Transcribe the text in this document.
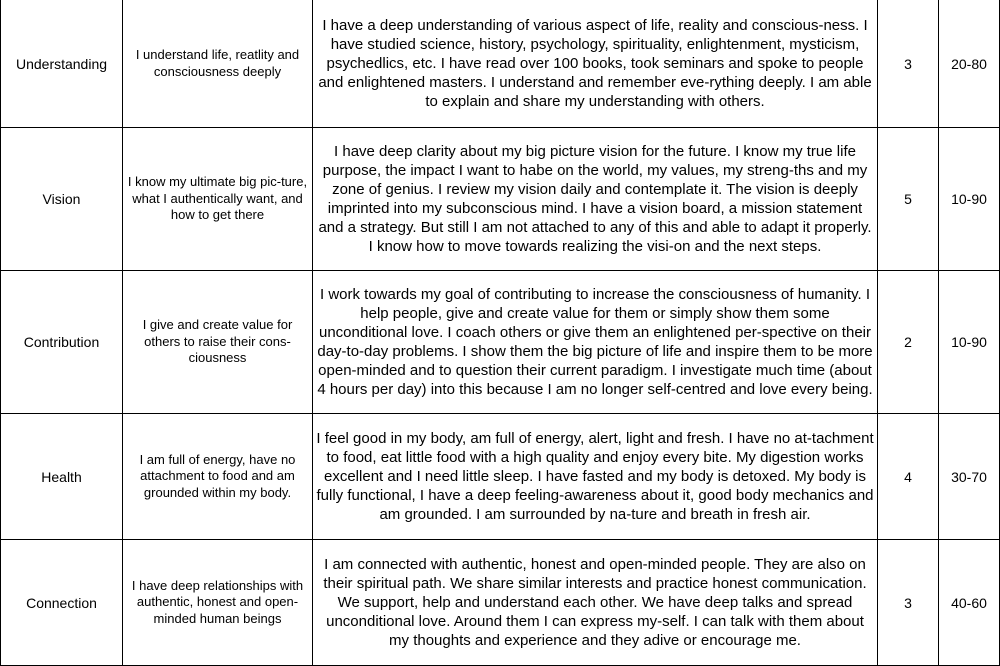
Understanding	I understand life, reatlity and consciousness deeply	I have a deep understanding of various aspect of life, reality and conscious-ness. I have studied science, history, psychology, spirituality, enlightenment, mysticism, psychedlics, etc. I have read over 100 books, took seminars and spoke to people and enlightened masters. I understand and remember eve-rything deeply. I am able to explain and share my understanding with others.	3	20-80
Vision	I know my ultimate big pic-ture, what I authentically want, and how to get there	I have deep clarity about my big picture vision for the future. I know my true life purpose, the impact I want to habe on the world, my values, my streng-ths and my zone of genius. I review my vision daily and contemplate it. The vision is deeply imprinted into my subconscious mind. I have a vision board, a mission statement and a strategy. But still I am not attached to any of this and able to adapt it properly. I know how to move towards realizing the visi-on and the next steps.	5	10-90
Contribution	I give and create value for others to raise their cons-ciousness	I work towards my goal of contributing to increase the consciousness of humanity. I help people, give and create value for them or simply show them some unconditional love. I coach others or give them an enlightened per-spective on their day-to-day problems. I show them the big picture of life and inspire them to be more open-minded and to question their current paradigm. I investigate much time (about 4 hours per day) into this because I am no longer self-centred and love every being.	2	10-90
Health	I am full of energy, have no attachment to food and am grounded within my body.	I feel good in my body, am full of energy, alert, light and fresh. I have no at-tachment to food, eat little food with a high quality and enjoy every bite. My digestion works excellent and I need little sleep. I have fasted and my body is detoxed. My body is fully functional, I have a deep feeling-awareness about it, good body mechanics and am grounded. I am surrounded by na-ture and breath in fresh air.	4	30-70
Connection	I have deep relationships with authentic, honest and open-minded human beings	I am connected with authentic, honest and open-minded people. They are also on their spiritual path. We share similar interests and practice honest communication. We support, help and understand each other. We have deep talks and spread unconditional love. Around them I can express my-self. I can talk with them about my thoughts and experience and they adive or encourage me.	3	40-60
